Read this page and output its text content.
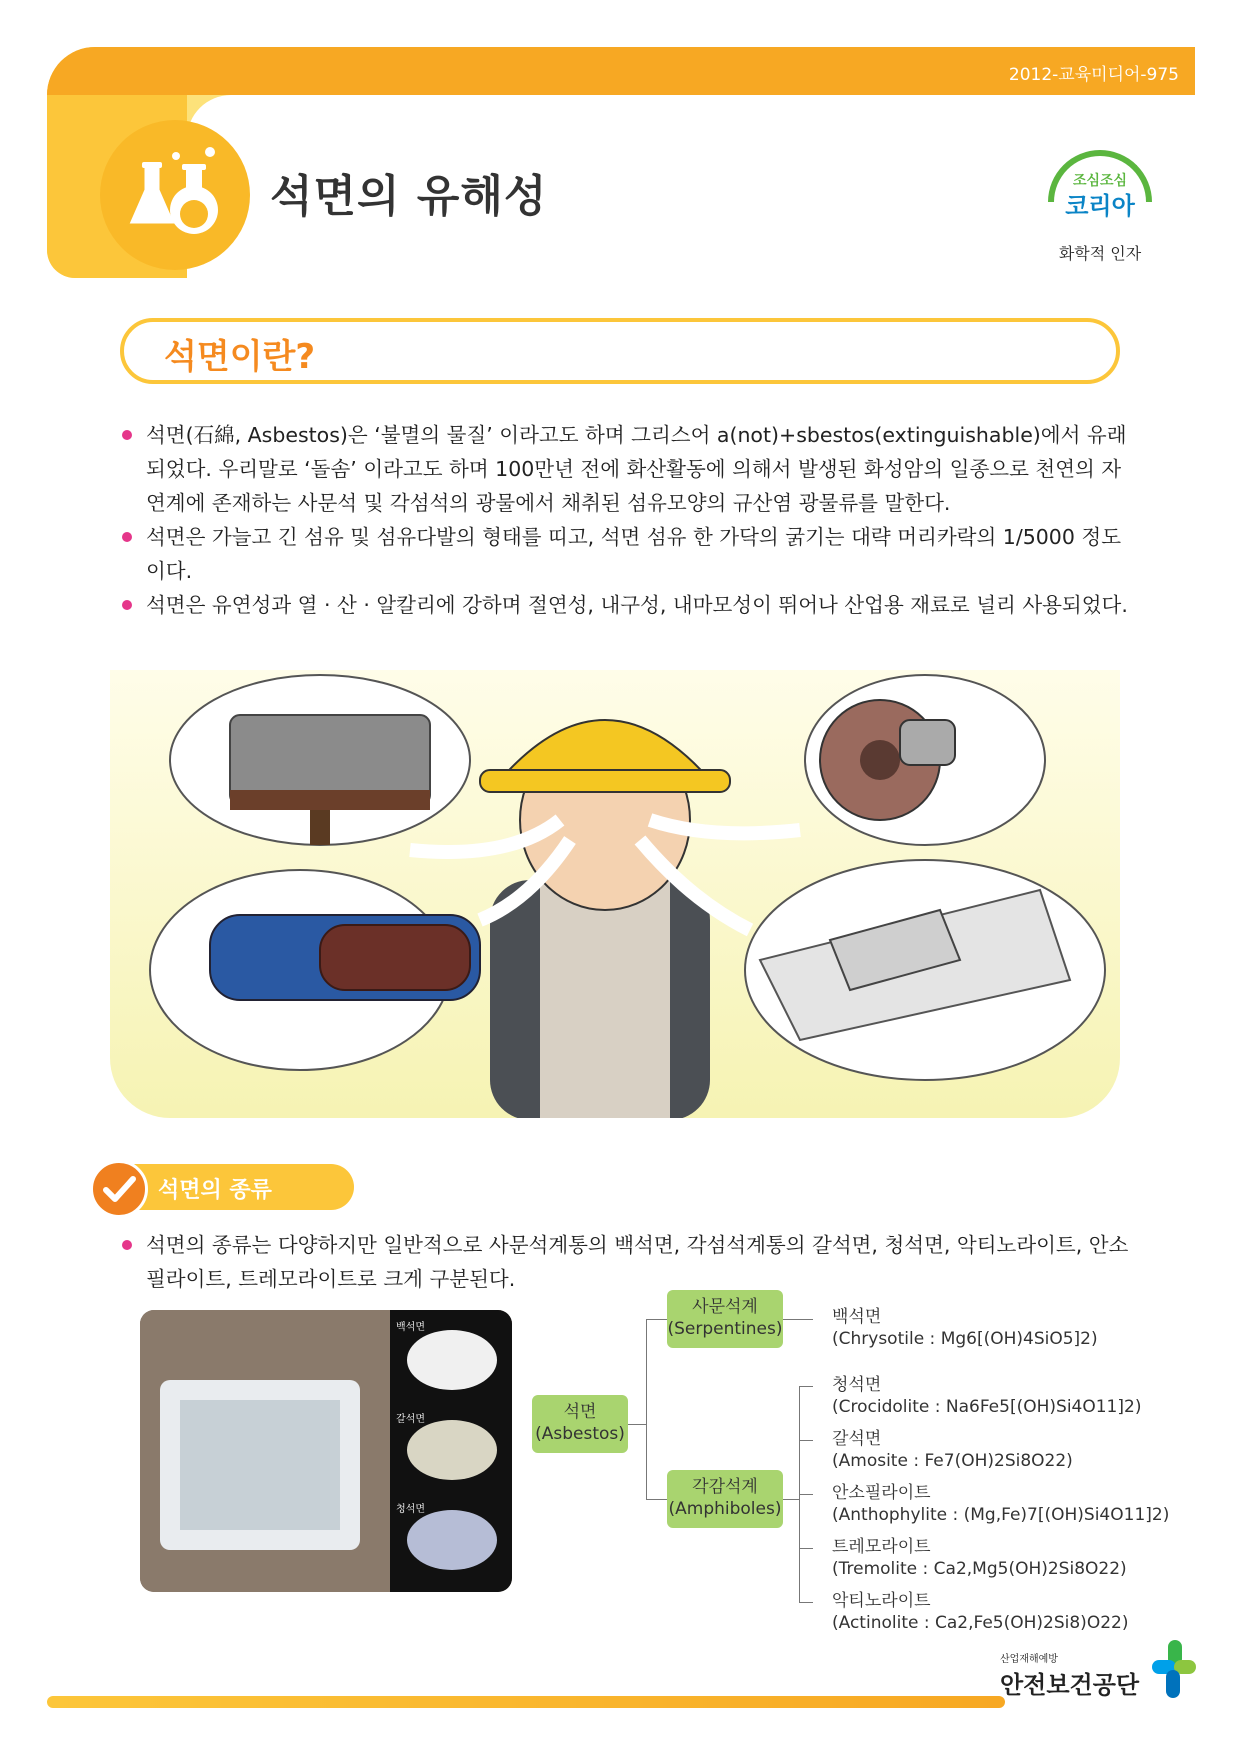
2012-교육미디어-975
석면의 유해성	조심조심
코리아
화학적 인자
석면이란?
석면(石綿, Asbestos)은 ‘불멸의 물질’ 이라고도 하며 그리스어 a(not)+sbestos(extinguishable)에서 유래되었다. 우리말로 ‘돌솜’ 이라고도 하며 100만년 전에 화산활동에 의해서 발생된 화성암의 일종으로 천연의 자연계에 존재하는 사문석 및 각섬석의 광물에서 채취된 섬유모양의 규산염 광물류를 말한다.
석면은 가늘고 긴 섬유 및 섬유다발의 형태를 띠고, 석면 섬유 한 가닥의 굵기는 대략 머리카락의 1/5000 정도이다.
석면은 유연성과 열 · 산 · 알칼리에 강하며 절연성, 내구성, 내마모성이 뛰어나 산업용 재료로 널리 사용되었다.
석면의 종류
석면의 종류는 다양하지만 일반적으로 사문석계통의 백석면, 각섬석계통의 갈석면, 청석면, 악티노라이트, 안소필라이트, 트레모라이트로 크게 구분된다.
백석면
갈석면
청석면
석면
(Asbestos)
사문석계
(Serpentines)
각감석계
(Amphiboles)
백석면
(Chrysotile : Mg6[(OH)4SiO5]2)
청석면
(Crocidolite : Na6Fe5[(OH)Si4O11]2)
갈석면
(Amosite : Fe7(OH)2Si8O22)
안소필라이트
(Anthophylite : (Mg,Fe)7[(OH)Si4O11]2)
트레모라이트
(Tremolite : Ca2,Mg5(OH)2Si8O22)
악티노라이트
(Actinolite : Ca2,Fe5(OH)2Si8)O22)
산업재해예방
안전보건공단
